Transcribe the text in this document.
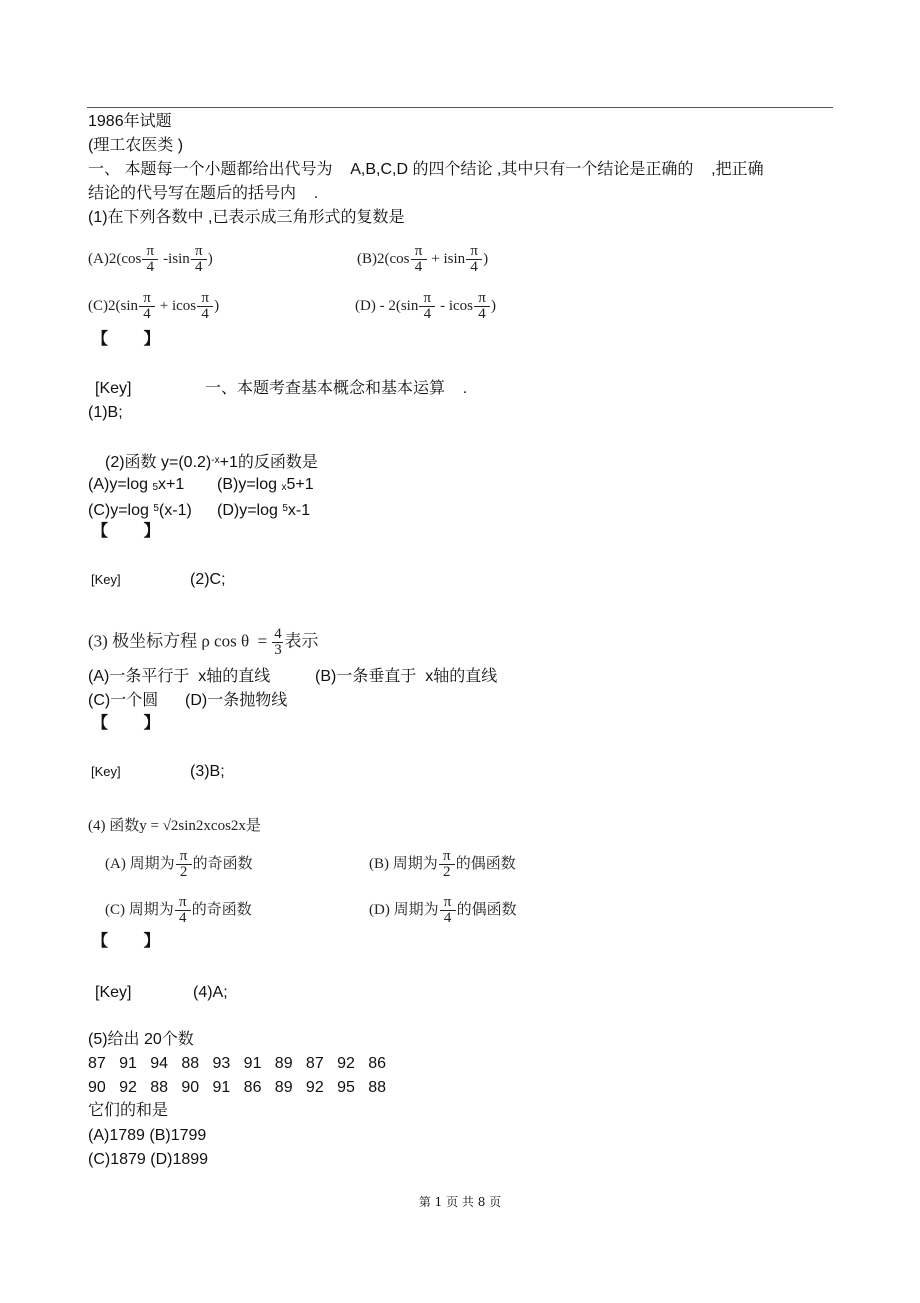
1986年试题
(理工农医类 )
一、 本题每一个小题都给出代号为    A,B,C,D 的四个结论 ,其中只有一个结论是正确的    ,把正确
结论的代号写在题后的括号内    .
(1)在下列各数中 ,已表示成三角形式的复数是
$(A)2(\cos \frac{\pi}{4} -isin \frac{\pi}{4}$ )	$(B)2(\cos \frac{\pi}{4} + isin \frac{\pi}{4}$ )
$(C)2(\sin \frac{\pi}{4} + icos \frac{\pi}{4}$ )	$(D) - 2(\sin \frac{\pi}{4}$ - icos $\frac{\pi}{4}$ )
【        】
[Key]	一、本题考查基本概念和基本运算    .
(1)B;
(2)函数 $y=(0.2)^{-x}+1$的反函数是
(A)y=log $_5$x+1 (B)y=log $_x$5+1
(C)y=log $^5$(x-1) (D)y=log $^5$x-1
【        】
[Key]	(2)C;
(3) 极坐标方程 ρ $\cos \theta = \frac{4}{3}$ 表示
(A)一条平行于  x轴的直线	(B)一条垂直于  x轴的直线
(C)一个圆 (D)一条抛物线
【        】
[Key]	(3)B;
(4) 函数y = √2sin2xcos2x是
(A) 周期为 $\frac{\pi}{2}$ 的奇函数	(B) 周期为 $\frac{\pi}{2}$ 的偶函数
(C) 周期为 $\frac{\pi}{4}$ 的奇函数	(D) 周期为 $\frac{\pi}{4}$ 的偶函数
【        】
[Key]	(4)A;
(5)给出 20个数
87   91   94   88   93   91   89   87   92   86
90   92   88   90   91   86   89   92   95   88
它们的和是
(A)1789 (B)1799
(C)1879 (D)1899
第 1 页 共 8 页
